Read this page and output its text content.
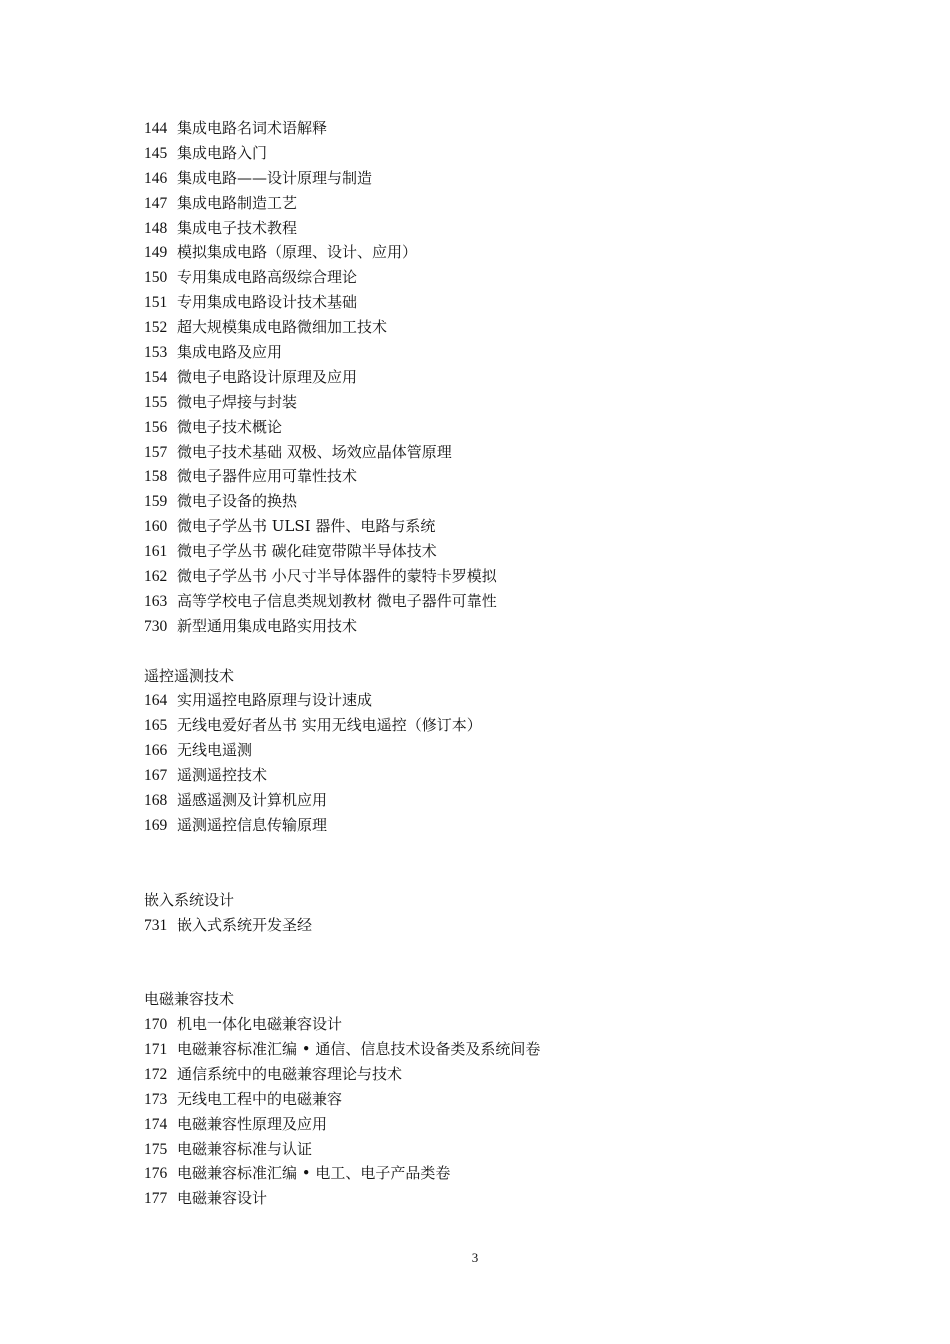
144 集成电路名词术语解释
145 集成电路入门
146 集成电路——设计原理与制造
147 集成电路制造工艺
148 集成电子技术教程
149 模拟集成电路（原理、设计、应用）
150 专用集成电路高级综合理论
151 专用集成电路设计技术基础
152 超大规模集成电路微细加工技术
153 集成电路及应用
154 微电子电路设计原理及应用
155 微电子焊接与封装
156 微电子技术概论
157 微电子技术基础 双极、场效应晶体管原理
158 微电子器件应用可靠性技术
159 微电子设备的换热
160 微电子学丛书 ULSI 器件、电路与系统
161 微电子学丛书 碳化硅宽带隙半导体技术
162 微电子学丛书 小尺寸半导体器件的蒙特卡罗模拟
163 高等学校电子信息类规划教材 微电子器件可靠性
730 新型通用集成电路实用技术
遥控遥测技术
164 实用遥控电路原理与设计速成
165 无线电爱好者丛书 实用无线电遥控（修订本）
166 无线电遥测
167 遥测遥控技术
168 遥感遥测及计算机应用
169 遥测遥控信息传输原理
嵌入系统设计
731 嵌入式系统开发圣经
电磁兼容技术
170 机电一体化电磁兼容设计
171 电磁兼容标准汇编 • 通信、信息技术设备类及系统间卷
172 通信系统中的电磁兼容理论与技术
173 无线电工程中的电磁兼容
174 电磁兼容性原理及应用
175 电磁兼容标准与认证
176 电磁兼容标准汇编 • 电工、电子产品类卷
177 电磁兼容设计
3
